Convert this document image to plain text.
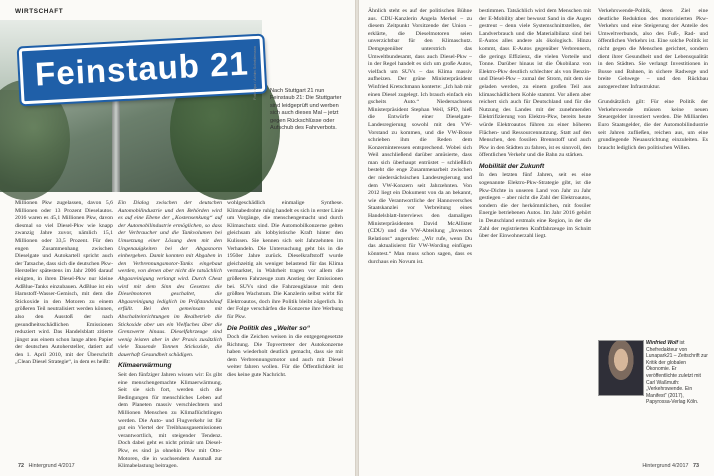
WIRTSCHAFT
Feinstaub 21 Foto: dpa / Achim Scheidemann Nach Stuttgart 21 nun Feinstaub 21: Die Stuttgarter sind leidgeprüft und werben sich auch dieses Mal – jetzt gegen Rückschlüsse oder Aufschub des Fahrverbots.
Millionen Pkw zugelassen, davon 5,6 Millionen oder 13 Prozent Dieselautos. 2016 waren es 45,1 Millionen Pkw, davon diesmal so viel Diesel-Pkw wie knapp zwanzig Jahre zuvor, nämlich 15,1 Millionen oder 33,5 Prozent. Für den engen Zusammenhang zwischen Dieselgate und Autokartell spricht auch der Tatsache, dass sich die deutschen Pkw-Hersteller spätestens im Jahr 2006 darauf einigten, in ihren Diesel-Pkw nur kleine AdBlue-Tanks einzubauen. AdBlue ist ein Harnstoff-Wasser-Gemisch, mit dem die Stickoxide in den Motoren zu einem größeren Teil neutralisiert werden können, also den Ausstoß der nach gesundheitsschädlichen Emissionen reduziert wird. Das Handelsblatt zitierte jüngst aus einem schon lange alten Papier der deutschen Autohersteller, datiert auf den 1. April 2010, mit der Überschrift „Clean Diesel Strategie“, in dem es heißt:
Ein Dialog zwischen der deutschen Automobilindustrie und den Behörden wird es auf eine Ebene der „Kostensenkung“ auf der Automobilindustrie ermöglichen, so dass der Verbraucher und die Tankvolumen bei Umsetzung einer Lösung dem mit den Ungenauigkeiten bei der Abgasnorm einhergehen. Damit konnten mit Abgaben in den Verbrennungsmotor-Tanks eingebaut werden, von denen aber nicht die tatsächlich Abgasreinigung verlangt wird. Durch Cheat wird mit dem Sinn des Gesetzes die Dieselmotoren geschaltet, die Abgasreinigung lediglich im Prüfstandslauf erfüllt. Bei den gemeinsam mit Abschalteinrichtungen im Realbetrieb die Stickoxide aber um ein Vielfaches über die Grenzwerte hinaus. Dieselfahrzeuge sind wenig leisten aber in der Praxis zusätzlich viele Tausende Tonnen Stickoxide, die dauerhaft Gesundheit schädigen.
Klimaerwärmung
Seit den fünfziger Jahren wissen wir: Es gibt eine menschengemachte Klimaerwärmung. Seit sie sich fort, werden sich die Bedingungen für menschliches Leben auf dem Planeten massiv verschlechtern und Millionen Menschen zu Klimaflüchtlingen werden. Die Auto- und Flugverkehr ist für gut ein Viertel der Treibhausgasemissionen verantwortlich, mit steigender Tendenz. Doch dabei geht es nicht primär um Diesel-Pkw, es sind ja ohnehin Pkw mit Otto-Motoren, die in wachsendem Ausmaß zur Klimabelastung beitragen.
wohlgeschädlich einmalige Synthese. Klimabedrohte ruhig handelt es sich in erster Linie um Vorgänge, die menschengemacht und durch Klimaschutz sind. Die Automobilkonzerne gelten gleichsam als lobbyistische Kraft hinter den Kulissen. Sie kennen sich seit Jahrzehnten im Verhandeln. Die Untersuchung geht bis in die 1950er Jahre zurück. Dieselkraftstoff wurde gleichzeitig als weniger belastend für das Klima vermarktet, in Wahrheit tragen vor allem die größeren Fahrzeuge zum Anstieg der Emissionen bei. SUVs sind die Fahrzeugklasse mit dem größten Wachstum. Die Kanzlerin selbst wirbt für Elektroautos, doch ihre Politik bleibt zögerlich. In der Folge verschärfen die Konzerne ihre Werbung für Pkw.
Die Politik des „Weiter so“
Doch die Zeichen weisen in die entgegengesetzte Richtung. Die Topvertreter der Autokonzerne haben wiederholt deutlich gemacht, dass sie mit dem Verbrennungsmotor und auch mit Diesel weiter fahren wollen. Für die Öffentlichkeit ist dies keine gute Nachricht.
72 Hintergrund 4/2017
Ähnlich steht es auf der politischen Bühne aus. CDU-Kanzlerin Angela Merkel – zu diesem Zeitpunkt Vorsitzende der Union – erklärte, die Dieselmotoren seien unverzichtbar für den Klimaschutz. Demgegenüber unterstrich das Umweltbundesamt, dass auch Diesel-Pkw – in der Regel handelt es sich um große Autos, vielfach um SUVs – das Klima massiv aufheizen. Der grüne Ministerpräsident Winfried Kretschmann konterte: „Ich hab mir einen Diesel zugelegt. Ich brauch einfach ein gscheits Auto.“ Niedersachsens Ministerpräsident Stephan Weil, SPD, hieß die Entwürfe einer Dieselgate-Landesregierung sowohl mit den VW-Vorstand zu kommen, und die VW-Bosse schrieben ihm die Reden dem Konzerninteressen entsprechend. Wobei sich Weil anschließend darüber amüsierte, dass man sich überhaupt entrüstet – schließlich besteht die enge Zusammenarbeit zwischen der niedersächsischen Landesregierung und dem VW-Konzern seit Jahrzehnten. Von 2012 liegt ein Dokument von da an bekannt, wie die Verantwortliche der Hannoversches Staatskanzlei vor Verbreitung eines Handelsblatt-Interviews den damaligen Ministerpräsidenten David McAllister (CDU) und die VW-Abteilung „Investors Relations“ angerufen: „Wir rufe, wenn Du das aktualisierst für VW-Wording einfügen könntest.“ Man muss schon sagen, dass es durchaus ein Novum ist.
bestimmen. Tatsächlich wird dem Menschen mit der E-Mobility aber bewusst Sand in die Augen gestreut – denn viele Systemschnittstellen, der Landverbrauch und die Materialbilanz sind bei E-Autos alles andere als ökologisch. Hinzu kommt, dass E-Autos gegenüber Verbrennern, die gerings Effizienz, die vielen Vorteile und Tonne. Darüber hinaus ist die Ökobilanz von Elektro-Pkw deutlich schlechter als von Benzin- und Diesel-Pkw – zumal der Strom, mit dem sie geladen werden, zu einem großen Teil aus klimaschädlichem Kohle stammt. Vor allem aber reichert sich auch für Deutschland und für die Nutzung des Landes mit der zunehmenden Elektrifizierung von Elektro-Pkw, bereits heute würde Elektroautos führen zu einer höheren Flächen- und Ressourcennutzung. Statt auf den Menschen, den fossilen Brennstoff und auch Pkw in den Städten zu fahren, ist es sinnvoll, den öffentlichen Verkehr und die Bahn zu stärken.
Mobilität der Zukunft
In den letzten fünf Jahren, seit es eine sogenannte Elektro-Pkw-Strategie gibt, ist die Pkw-Dichte in unseren Land von Jahr zu Jahr gestiegen – aber nicht die Zahl der Elektroautos, sondern die der herkömmlichen, mit fossiler Energie betriebenen Autos. Im Jahr 2016 gehört in Deutschland erstmals eine Region, in der die Zahl der registrierten Kraftfahrzeuge im Schnitt über der Einwohnerzahl liegt.
Verkehrswende-Politik, deren Ziel eine deutliche Reduktion des motorisierten Pkw-Verkehrs und eine Steigerung der Anteile des Umweltverbunds, also des Fuß-, Rad- und öffentlichen Verkehrs ist. Eine solche Politik ist nicht gegen die Menschen gerichtet, sondern dient ihrer Gesundheit und der Lebensqualität in den Städten. Sie verlangt Investitionen in Busse und Bahnen, in sichere Radwege und breite Gehwege – und den Rückbau autogerechter Infrastruktur.

Grundsätzlich gilt: Für eine Politik der Verkehrswende müssen keine neuen Steuergelder investiert werden. Die Milliarden Euro Staatsgelder, die der Automobilindustrie seit Jahren zufließen, reichen aus, um eine grundlegende Neuausrichtung einzuleiten. Es braucht lediglich den politischen Willen.
Winfried Wolf ist Chefredakteur von Lunapark21 – Zeitschrift zur Kritik der globalen Ökonomie. Er veröffentlichte zuletzt mit Carl Waßmuth: „Verkehrswende. Ein Manifest“ (2017), Papyrossa-Verlag Köln.
Hintergrund 4/2017 73
